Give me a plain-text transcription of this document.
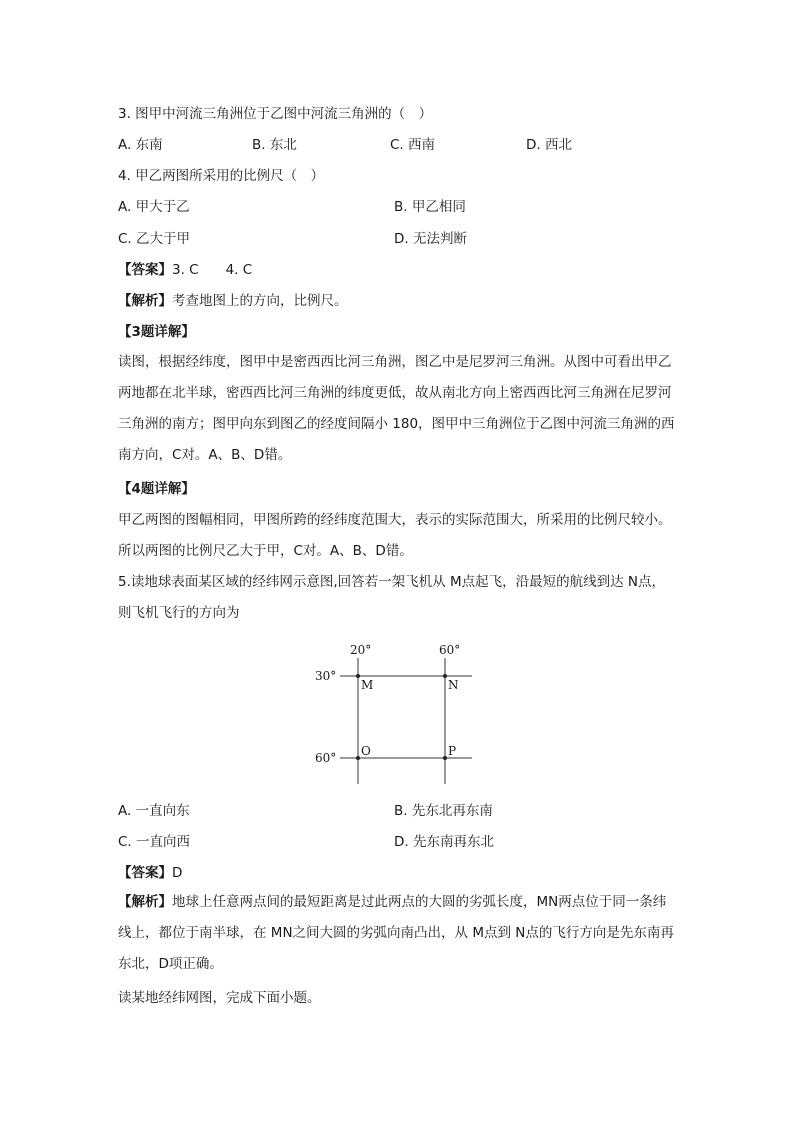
3. 图甲中河流三角洲位于乙图中河流三角洲的（　）
A. 东南	B. 东北	C. 西南	D. 西北
4. 甲乙两图所采用的比例尺（　）
A. 甲大于乙	B. 甲乙相同
C. 乙大于甲	D. 无法判断
【答案】3. C　　4. C
【解析】考查地图上的方向，比例尺。
【3题详解】
读图，根据经纬度，图甲中是密西西比河三角洲，图乙中是尼罗河三角洲。从图中可看出甲乙两地都在北半球，密西西比河三角洲的纬度更低，故从南北方向上密西西比河三角洲在尼罗河三角洲的南方；图甲向东到图乙的经度间隔小 180，图甲中三角洲位于乙图中河流三角洲的西南方向，C对。A、B、D错。
【4题详解】
甲乙两图的图幅相同，甲图所跨的经纬度范围大，表示的实际范围大，所采用的比例尺较小。所以两图的比例尺乙大于甲，C对。A、B、D错。
5.读地球表面某区域的经纬网示意图,回答若一架飞机从 M点起飞，沿最短的航线到达 N点，则飞机飞行的方向为
20°	60°
30°
60°
M	N
O	P
A. 一直向东	B. 先东北再东南
C. 一直向西	D. 先东南再东北
【答案】D
【解析】地球上任意两点间的最短距离是过此两点的大圆的劣弧长度，MN两点位于同一条纬线上，都位于南半球，在 MN之间大圆的劣弧向南凸出，从 M点到 N点的飞行方向是先东南再东北，D项正确。
读某地经纬网图，完成下面小题。
